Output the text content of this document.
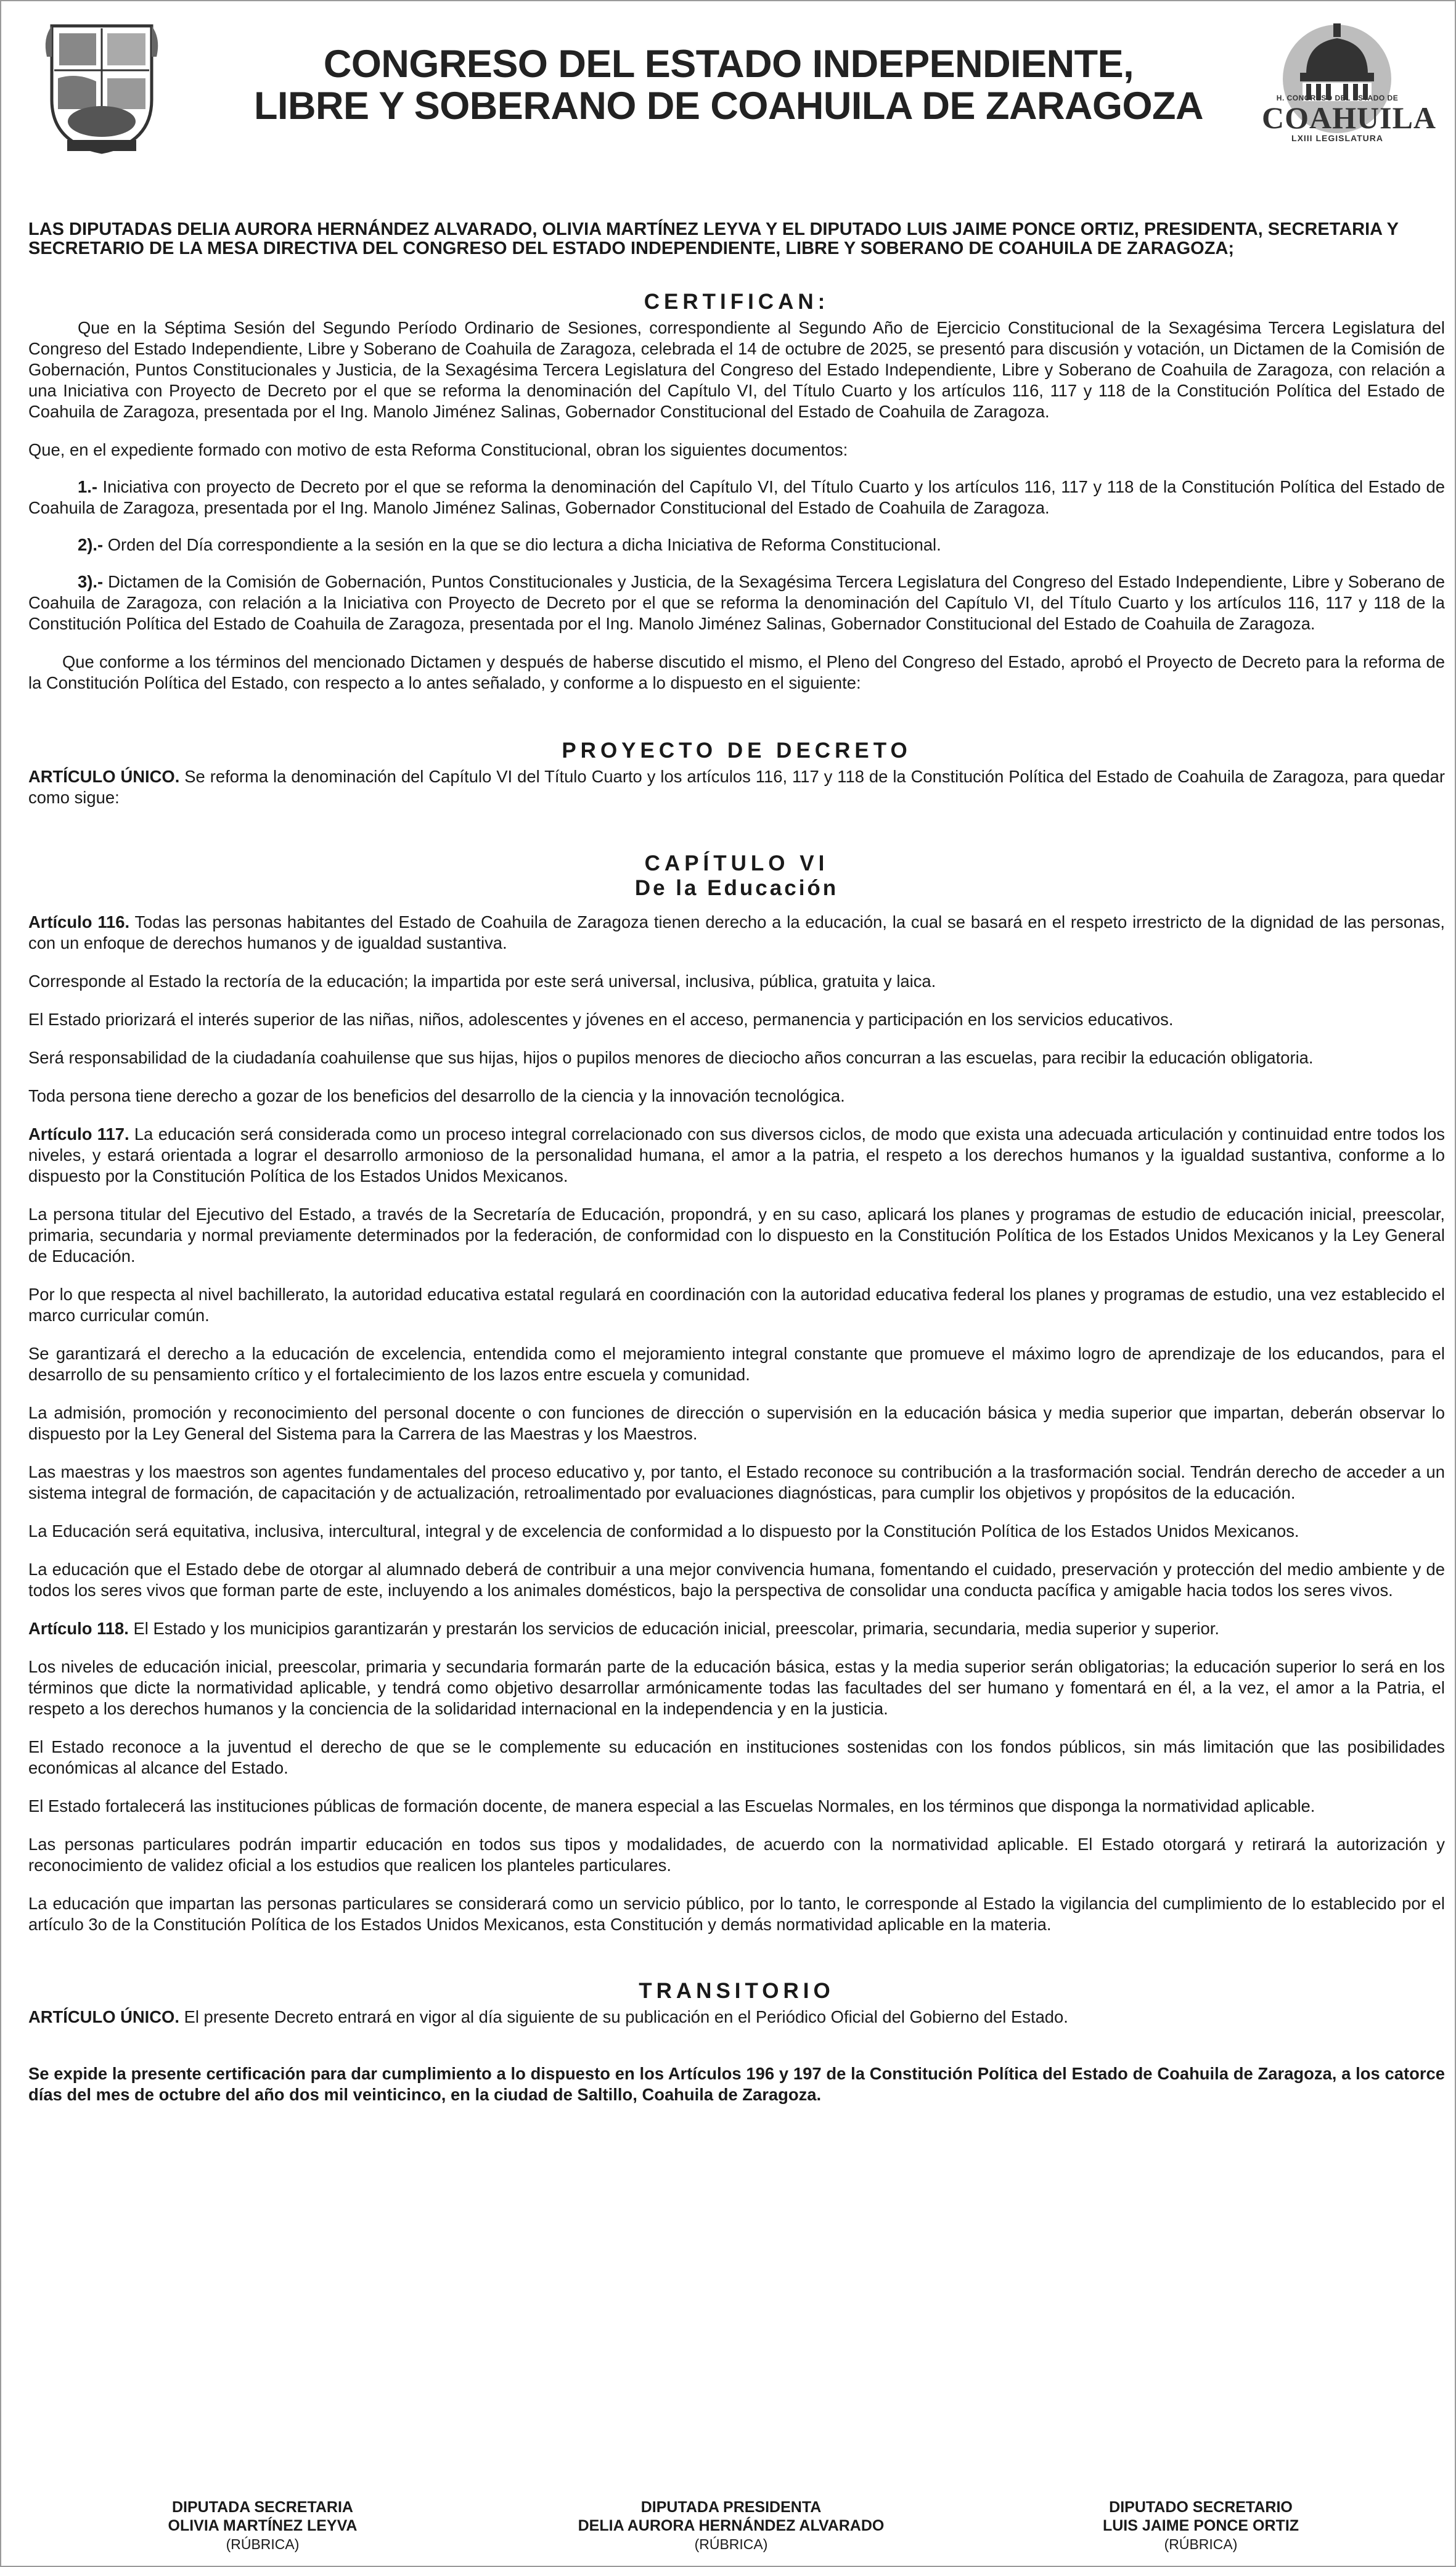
CONGRESO DEL ESTADO INDEPENDIENTE,
LIBRE Y SOBERANO DE COAHUILA DE ZARAGOZA	H. CONGRESO DEL ESTADO DE
COAHUILA
LXIII LEGISLATURA

LAS DIPUTADAS DELIA AURORA HERNÁNDEZ ALVARADO, OLIVIA MARTÍNEZ LEYVA Y EL DIPUTADO LUIS JAIME PONCE ORTIZ, PRESIDENTA, SECRETARIA Y SECRETARIO DE LA MESA DIRECTIVA DEL CONGRESO DEL ESTADO INDEPENDIENTE, LIBRE Y SOBERANO DE COAHUILA DE ZARAGOZA;

CERTIFICAN:

Que en la Séptima Sesión del Segundo Período Ordinario de Sesiones, correspondiente al Segundo Año de Ejercicio Constitucional de la Sexagésima Tercera Legislatura del Congreso del Estado Independiente, Libre y Soberano de Coahuila de Zaragoza, celebrada el 14 de octubre de 2025, se presentó para discusión y votación, un Dictamen de la Comisión de Gobernación, Puntos Constitucionales y Justicia, de la Sexagésima Tercera Legislatura del Congreso del Estado Independiente, Libre y Soberano de Coahuila de Zaragoza, con relación a una Iniciativa con Proyecto de Decreto por el que se reforma la denominación del Capítulo VI, del Título Cuarto y los artículos 116, 117 y 118 de la Constitución Política del Estado de Coahuila de Zaragoza, presentada por el Ing. Manolo Jiménez Salinas, Gobernador Constitucional del Estado de Coahuila de Zaragoza.

Que, en el expediente formado con motivo de esta Reforma Constitucional, obran los siguientes documentos:

1.- Iniciativa con proyecto de Decreto por el que se reforma la denominación del Capítulo VI, del Título Cuarto y los artículos 116, 117 y 118 de la Constitución Política del Estado de Coahuila de Zaragoza, presentada por el Ing. Manolo Jiménez Salinas, Gobernador Constitucional del Estado de Coahuila de Zaragoza.

2).- Orden del Día correspondiente a la sesión en la que se dio lectura a dicha Iniciativa de Reforma Constitucional.

3).- Dictamen de la Comisión de Gobernación, Puntos Constitucionales y Justicia, de la Sexagésima Tercera Legislatura del Congreso del Estado Independiente, Libre y Soberano de Coahuila de Zaragoza, con relación a la Iniciativa con Proyecto de Decreto por el que se reforma la denominación del Capítulo VI, del Título Cuarto y los artículos 116, 117 y 118 de la Constitución Política del Estado de Coahuila de Zaragoza, presentada por el Ing. Manolo Jiménez Salinas, Gobernador Constitucional del Estado de Coahuila de Zaragoza.

Que conforme a los términos del mencionado Dictamen y después de haberse discutido el mismo, el Pleno del Congreso del Estado, aprobó el Proyecto de Decreto para la reforma de la Constitución Política del Estado, con respecto a lo antes señalado, y conforme a lo dispuesto en el siguiente:

PROYECTO DE DECRETO

ARTÍCULO ÚNICO. Se reforma la denominación del Capítulo VI del Título Cuarto y los artículos 116, 117 y 118 de la Constitución Política del Estado de Coahuila de Zaragoza, para quedar como sigue:

CAPÍTULO VI

De la Educación

Artículo 116. Todas las personas habitantes del Estado de Coahuila de Zaragoza tienen derecho a la educación, la cual se basará en el respeto irrestricto de la dignidad de las personas, con un enfoque de derechos humanos y de igualdad sustantiva.

Corresponde al Estado la rectoría de la educación; la impartida por este será universal, inclusiva, pública, gratuita y laica.

El Estado priorizará el interés superior de las niñas, niños, adolescentes y jóvenes en el acceso, permanencia y participación en los servicios educativos.

Será responsabilidad de la ciudadanía coahuilense que sus hijas, hijos o pupilos menores de dieciocho años concurran a las escuelas, para recibir la educación obligatoria.

Toda persona tiene derecho a gozar de los beneficios del desarrollo de la ciencia y la innovación tecnológica.

Artículo 117. La educación será considerada como un proceso integral correlacionado con sus diversos ciclos, de modo que exista una adecuada articulación y continuidad entre todos los niveles, y estará orientada a lograr el desarrollo armonioso de la personalidad humana, el amor a la patria, el respeto a los derechos humanos y la igualdad sustantiva, conforme a lo dispuesto por la Constitución Política de los Estados Unidos Mexicanos.

La persona titular del Ejecutivo del Estado, a través de la Secretaría de Educación, propondrá, y en su caso, aplicará los planes y programas de estudio de educación inicial, preescolar, primaria, secundaria y normal previamente determinados por la federación, de conformidad con lo dispuesto en la Constitución Política de los Estados Unidos Mexicanos y la Ley General de Educación.

Por lo que respecta al nivel bachillerato, la autoridad educativa estatal regulará en coordinación con la autoridad educativa federal los planes y programas de estudio, una vez establecido el marco curricular común.

Se garantizará el derecho a la educación de excelencia, entendida como el mejoramiento integral constante que promueve el máximo logro de aprendizaje de los educandos, para el desarrollo de su pensamiento crítico y el fortalecimiento de los lazos entre escuela y comunidad.

La admisión, promoción y reconocimiento del personal docente o con funciones de dirección o supervisión en la educación básica y media superior que impartan, deberán observar lo dispuesto por la Ley General del Sistema para la Carrera de las Maestras y los Maestros.

Las maestras y los maestros son agentes fundamentales del proceso educativo y, por tanto, el Estado reconoce su contribución a la trasformación social. Tendrán derecho de acceder a un sistema integral de formación, de capacitación y de actualización, retroalimentado por evaluaciones diagnósticas, para cumplir los objetivos y propósitos de la educación.

La Educación será equitativa, inclusiva, intercultural, integral y de excelencia de conformidad a lo dispuesto por la Constitución Política de los Estados Unidos Mexicanos.

La educación que el Estado debe de otorgar al alumnado deberá de contribuir a una mejor convivencia humana, fomentando el cuidado, preservación y protección del medio ambiente y de todos los seres vivos que forman parte de este, incluyendo a los animales domésticos, bajo la perspectiva de consolidar una conducta pacífica y amigable hacia todos los seres vivos.

Artículo 118. El Estado y los municipios garantizarán y prestarán los servicios de educación inicial, preescolar, primaria, secundaria, media superior y superior.

Los niveles de educación inicial, preescolar, primaria y secundaria formarán parte de la educación básica, estas y la media superior serán obligatorias; la educación superior lo será en los términos que dicte la normatividad aplicable, y tendrá como objetivo desarrollar armónicamente todas las facultades del ser humano y fomentará en él, a la vez, el amor a la Patria, el respeto a los derechos humanos y la conciencia de la solidaridad internacional en la independencia y en la justicia.

El Estado reconoce a la juventud el derecho de que se le complemente su educación en instituciones sostenidas con los fondos públicos, sin más limitación que las posibilidades económicas al alcance del Estado.

El Estado fortalecerá las instituciones públicas de formación docente, de manera especial a las Escuelas Normales, en los términos que disponga la normatividad aplicable.

Las personas particulares podrán impartir educación en todos sus tipos y modalidades, de acuerdo con la normatividad aplicable. El Estado otorgará y retirará la autorización y reconocimiento de validez oficial a los estudios que realicen los planteles particulares.

La educación que impartan las personas particulares se considerará como un servicio público, por lo tanto, le corresponde al Estado la vigilancia del cumplimiento de lo establecido por el artículo 3o de la Constitución Política de los Estados Unidos Mexicanos, esta Constitución y demás normatividad aplicable en la materia.

TRANSITORIO

ARTÍCULO ÚNICO. El presente Decreto entrará en vigor al día siguiente de su publicación en el Periódico Oficial del Gobierno del Estado.

Se expide la presente certificación para dar cumplimiento a lo dispuesto en los Artículos 196 y 197 de la Constitución Política del Estado de Coahuila de Zaragoza, a los catorce días del mes de octubre del año dos mil veinticinco, en la ciudad de Saltillo, Coahuila de Zaragoza.

DIPUTADA SECRETARIA
OLIVIA MARTÍNEZ LEYVA
(RÚBRICA)
DIPUTADA PRESIDENTA
DELIA AURORA HERNÁNDEZ ALVARADO
(RÚBRICA)
DIPUTADO SECRETARIO
LUIS JAIME PONCE ORTIZ
(RÚBRICA)
